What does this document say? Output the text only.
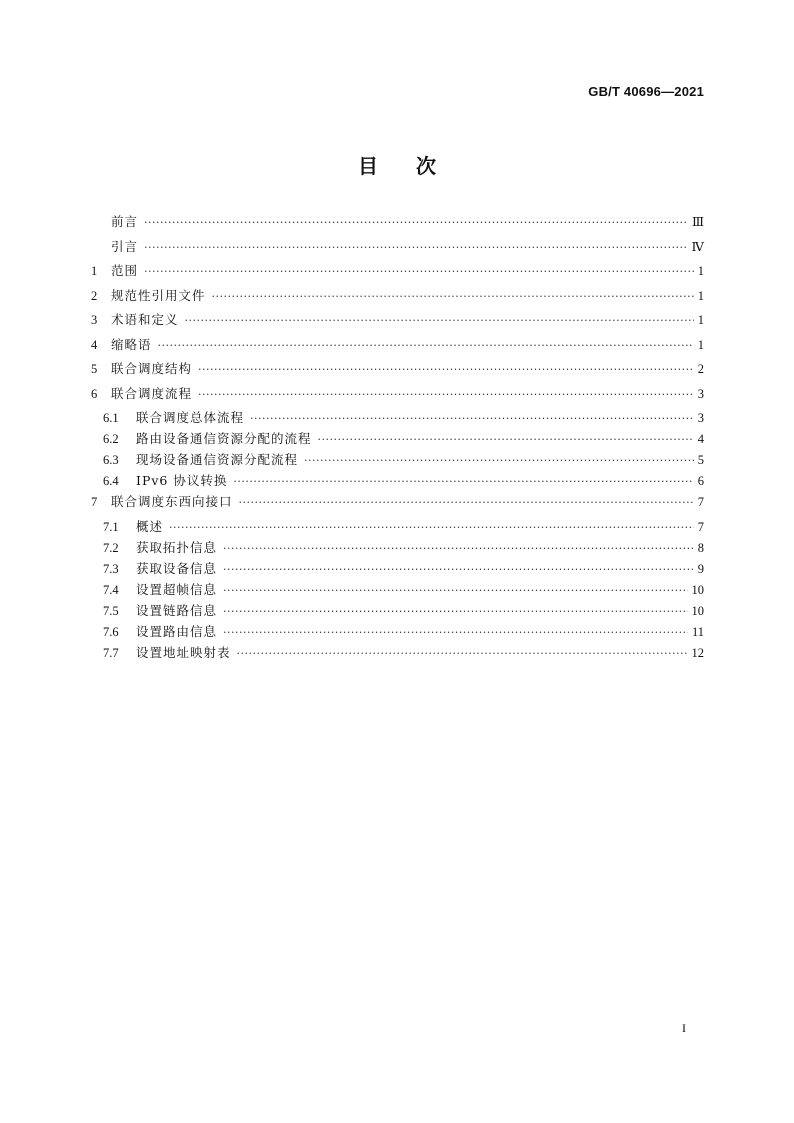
GB/T 40696—2021
目次
前言 ·····	Ⅲ
引言 ·····	Ⅳ
1	范围 ·····	1
2	规范性引用文件 ·····	1
3	术语和定义 ·····	1
4	缩略语 ·····	1
5	联合调度结构 ·····	2
6	联合调度流程 ·····	3
6.1	联合调度总体流程 ·····	3
6.2	路由设备通信资源分配的流程 ·····	4
6.3	现场设备通信资源分配流程 ·····	5
6.4	IPv6 协议转换 ·····	6
7	联合调度东西向接口 ·····	7
7.1	概述 ·····	7
7.2	获取拓扑信息 ·····	8
7.3	获取设备信息 ·····	9
7.4	设置超帧信息 ·····	10
7.5	设置链路信息 ·····	10
7.6	设置路由信息 ·····	11
7.7	设置地址映射表 ·····	12
I
